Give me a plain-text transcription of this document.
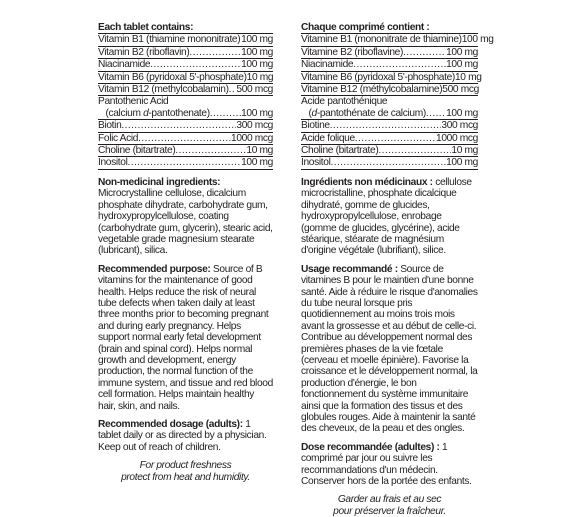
Each tablet contains:

Vitamin B1 (thiamine mononitrate) ..... 100 mg
Vitamin B2 (riboflavin) .....	100 mg
Niacinamide .....	100 mg
Vitamin B6 (pyridoxal 5'-phosphate) 10 mg
Vitamin B12 (methylcobalamin) ..... 500 mcg
Pantothenic Acid
(calcium d-pantothenate) .....	100 mg
Biotin .....	300 mcg
Folic Acid .....	1000 mcg
Choline (bitartrate) .....	10 mg
Inositol .....	100 mg

Non-medicinal ingredients: Microcrystalline cellulose, dicalcium phosphate dihydrate, carbohydrate gum, hydroxypropylcellulose, coating (carbohydrate gum, glycerin), stearic acid, vegetable grade magnesium stearate (lubricant), silica.

Recommended purpose: Source of B vitamins for the maintenance of good health. Helps reduce the risk of neural tube defects when taken daily at least three months prior to becoming pregnant and during early pregnancy. Helps support normal early fetal development (brain and spinal cord). Helps normal growth and development, energy production, the normal function of the immune system, and tissue and red blood cell formation. Helps maintain healthy hair, skin, and nails.

Recommended dosage (adults): 1 tablet daily or as directed by a physician. Keep out of reach of children.

For product freshness
protect from heat and humidity.

Chaque comprimé contient :

Vitamine B1 (mononitrate de thiamine) 100 mg
Vitamine B2 (riboflavine) .....	100 mg
Niacinamide .....	100 mg
Vitamine B6 (pyridoxal 5'-phosphate) 10 mg
Vitamine B12 (méthylcobalamine) 500 mcg
Acide pantothénique
(d-pantothénate de calcium) ..... 100 mg
Biotine .....	300 mcg
Acide folique .....	1000 mcg
Choline (bitartrate) .....	10 mg
Inositol .....	100 mg

Ingrédients non médicinaux : cellulose microcristalline, phosphate dicalcique dihydraté, gomme de glucides, hydroxypropylcellulose, enrobage (gomme de glucides, glycérine), acide stéarique, stéarate de magnésium d'origine végétale (lubrifiant), silice.

Usage recommandé : Source de vitamines B pour le maintien d'une bonne santé. Aide à réduire le risque d'anomalies du tube neural lorsque pris quotidiennement au moins trois mois avant la grossesse et au début de celle-ci. Contribue au développement normal des premières phases de la vie fœtale (cerveau et moelle épinière). Favorise la croissance et le développement normal, la production d'énergie, le bon fonctionnement du système immunitaire ainsi que la formation des tissus et des globules rouges. Aide à maintenir la santé des cheveux, de la peau et des ongles.

Dose recommandée (adultes) : 1 comprimé par jour ou suivre les recommandations d'un médecin. Conserver hors de la portée des enfants.

Garder au frais et au sec
pour préserver la fraîcheur.
